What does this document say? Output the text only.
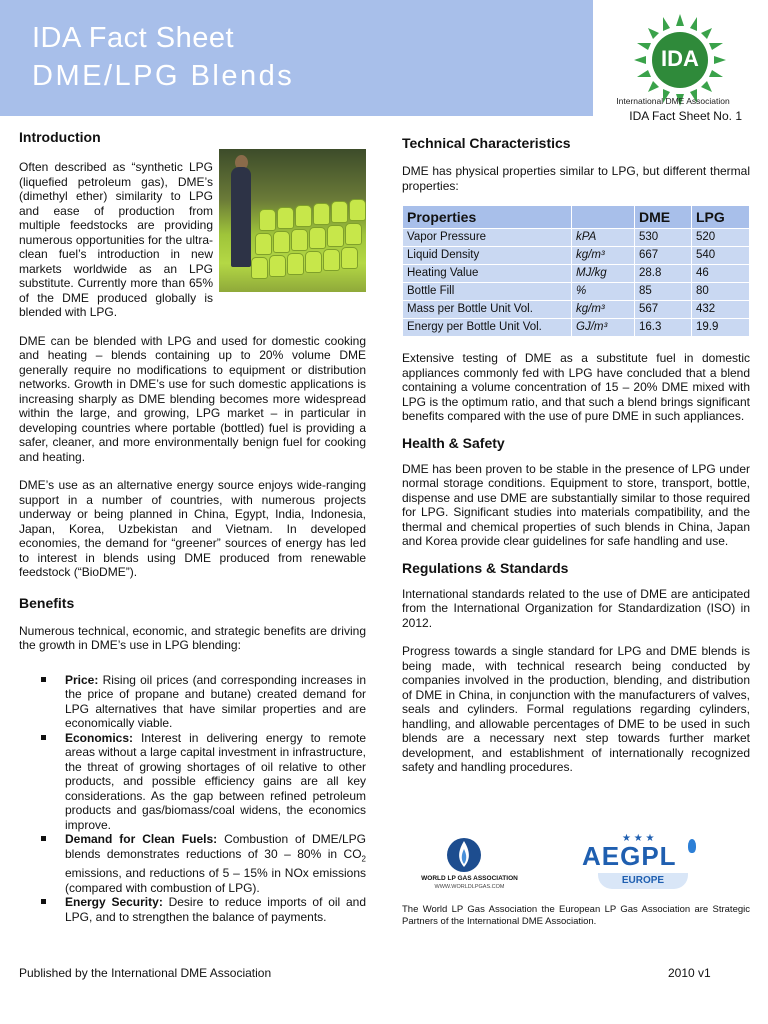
IDA Fact Sheet
DME/LPG Blends
IDA
International DME Association
IDA Fact Sheet No. 1
Introduction

Often described as “synthetic LPG (liquefied petroleum gas), DME’s (dimethyl ether) similarity to LPG and ease of production from multiple feedstocks are providing numerous opportunities for the ultra-clean fuel’s introduction in new markets worldwide as an LPG substitute. Currently more than 65% of the DME produced globally is blended with LPG.

DME can be blended with LPG and used for domestic cooking and heating – blends containing up to 20% volume DME generally require no modifications to equipment or distribution networks. Growth in DME’s use for such domestic applications is increasing sharply as DME blending becomes more widespread within the large, and growing, LPG market – in particular in developing countries where portable (bottled) fuel is providing a safer, cleaner, and more environmentally benign fuel for cooking and heating.

DME’s use as an alternative energy source enjoys wide-ranging support in a number of countries, with numerous projects underway or being planned in China, Egypt, India, Indonesia, Japan, Korea, Uzbekistan and Vietnam. In developed economies, the demand for “greener” sources of energy has led to interest in blends using DME produced from renewable feedstock (“BioDME”).

Benefits

Numerous technical, economic, and strategic benefits are driving the growth in DME’s use in LPG blending:

Price: Rising oil prices (and corresponding increases in the price of propane and butane) created demand for LPG alternatives that have similar properties and are economically viable.
Economics: Interest in delivering energy to remote areas without a large capital investment in infrastructure, the threat of growing shortages of oil relative to other products, and possible efficiency gains are all key considerations. As the gap between refined petroleum products and gas/biomass/coal widens, the economics improve.
Demand for Clean Fuels: Combustion of DME/LPG blends demonstrates reductions of 30 – 80% in $CO_2$ emissions, and reductions of 5 – 15% in NOx emissions (compared with combustion of LPG).
Energy Security: Desire to reduce imports of oil and LPG, and to strengthen the balance of payments.
Technical Characteristics

DME has physical properties similar to LPG, but different thermal properties:

Properties		DME	LPG
Vapor Pressure	kPA	530	520
Liquid Density	kg/m³	667	540
Heating Value	MJ/kg	28.8	46
Bottle Fill	%	85	80
Mass per Bottle Unit Vol.	kg/m³	567	432
Energy per Bottle Unit Vol.	GJ/m³	16.3	19.9

Extensive testing of DME as a substitute fuel in domestic appliances commonly fed with LPG have concluded that a blend containing a volume concentration of 15 – 20% DME mixed with LPG is the optimum ratio, and that such a blend brings significant benefits compared with the use of pure DME in such appliances.

Health & Safety

DME has been proven to be stable in the presence of LPG under normal storage conditions. Equipment to store, transport, bottle, dispense and use DME are substantially similar to those required for LPG. Significant studies into materials compatibility, and the thermal and chemical properties of such blends in China, Japan and Korea provide clear guidelines for safe handling and use.

Regulations & Standards

International standards related to the use of DME are anticipated from the International Organization for Standardization (ISO) in 2012.

Progress towards a single standard for LPG and DME blends is being made, with technical research being conducted by companies involved in the production, blending, and distribution of DME in China, in conjunction with the manufacturers of valves, seals and cylinders. Formal regulations regarding cylinders, handling, and allowable percentages of DME to be used in such blends are a necessary next step towards further market development, and establishment of internationally recognized safety and handling procedures.

WORLD LP GAS ASSOCIATION
WWW.WORLDLPGAS.COM
AEGPL
EUROPE
★ ★ ★
The World LP Gas Association the European LP Gas Association are Strategic Partners of the International DME Association.
Published by the International DME Association	2010 v1
